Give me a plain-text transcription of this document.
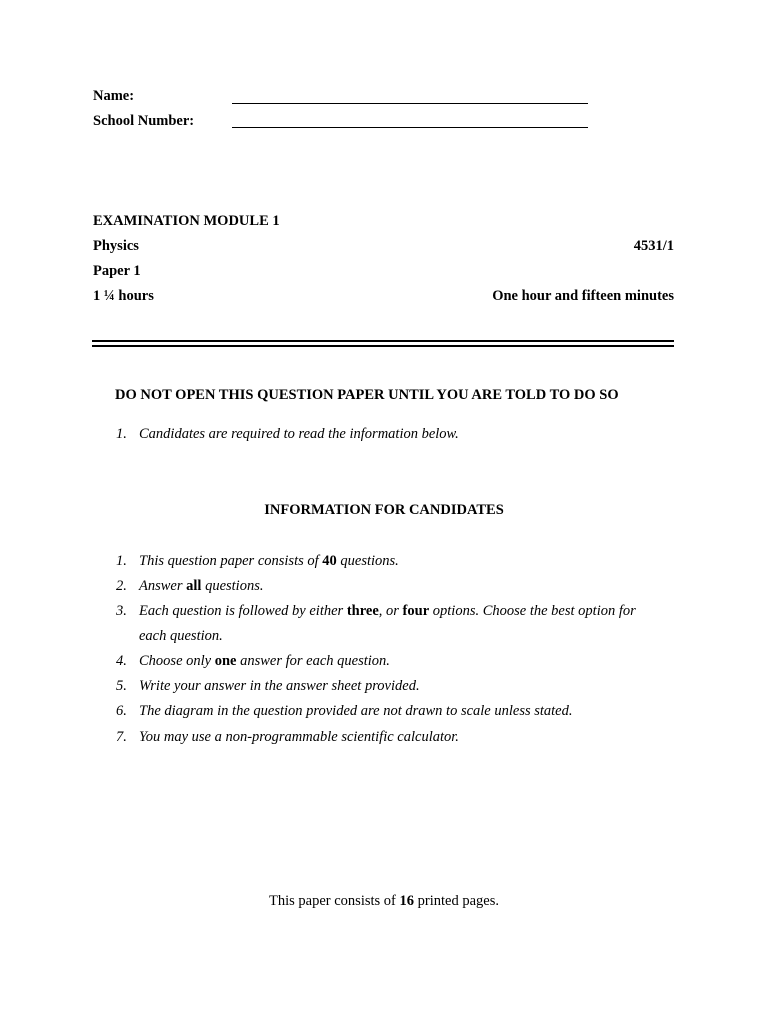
Name:
School Number:
EXAMINATION MODULE 1
Physics	4531/1
Paper 1
1 ¼ hours	One hour and fifteen minutes
DO NOT OPEN THIS QUESTION PAPER UNTIL YOU ARE TOLD TO DO SO
1. Candidates are required to read the information below.
INFORMATION FOR CANDIDATES
1. This question paper consists of 40 questions.
2. Answer all questions.
3. Each question is followed by either three, or four options. Choose the best option for
each question.
4. Choose only one answer for each question.
5. Write your answer in the answer sheet provided.
6. The diagram in the question provided are not drawn to scale unless stated.
7. You may use a non-programmable scientific calculator.
This paper consists of 16 printed pages.
